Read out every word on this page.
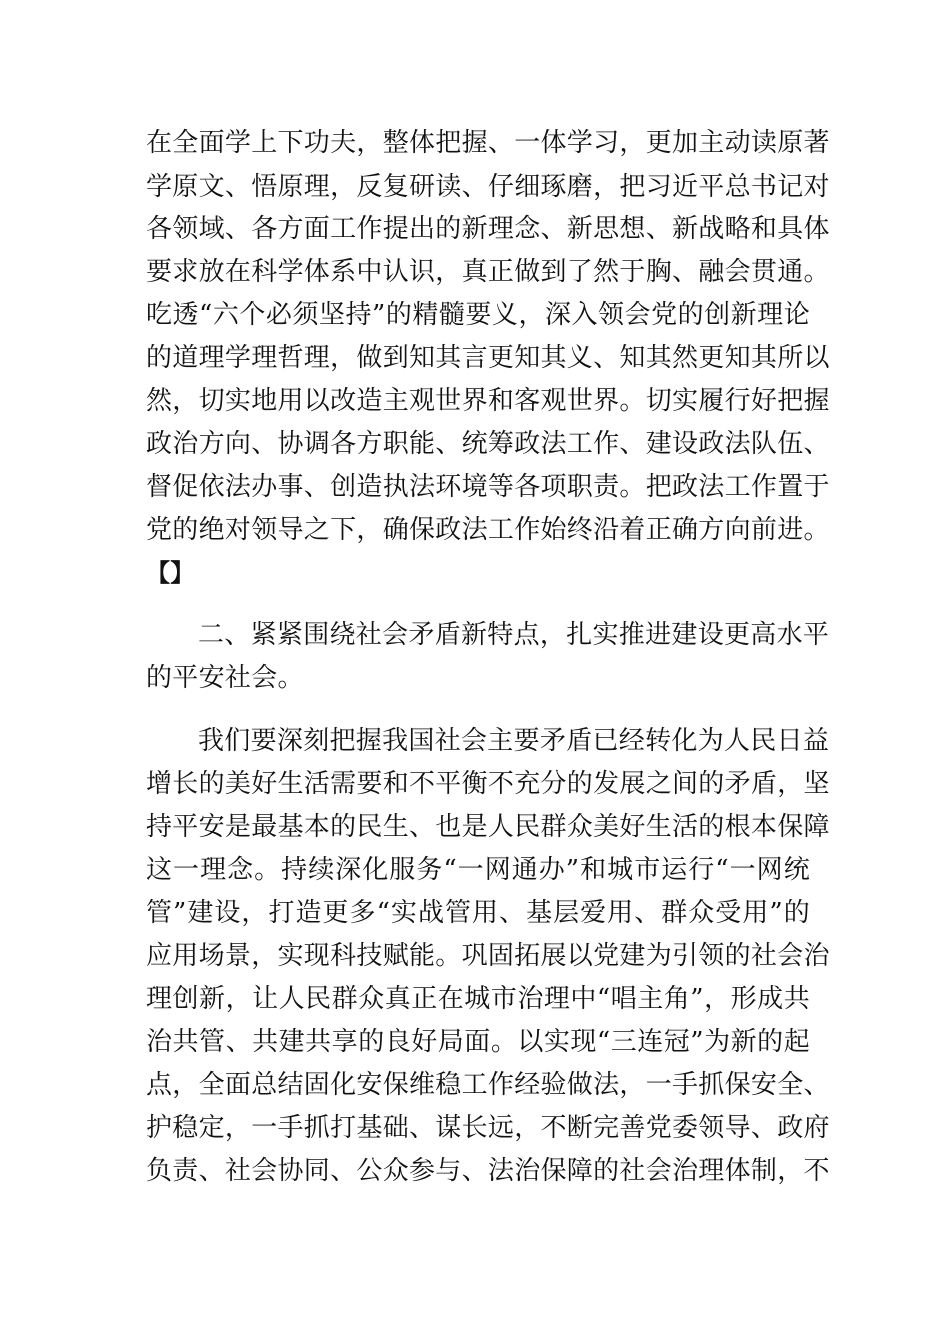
在全面学上下功夫，整体把握、一体学习，更加主动读原著
学原文、悟原理，反复研读、仔细琢磨，把习近平总书记对
各领域、各方面工作提出的新理念、新思想、新战略和具体
要求放在科学体系中认识，真正做到了然于胸、融会贯通。
吃透“六个必须坚持”的精髓要义，深入领会党的创新理论
的道理学理哲理，做到知其言更知其义、知其然更知其所以
然，切实地用以改造主观世界和客观世界。切实履行好把握
政治方向、协调各方职能、统筹政法工作、建设政法队伍、
督促依法办事、创造执法环境等各项职责。把政法工作置于
党的绝对领导之下，确保政法工作始终沿着正确方向前进。
【】
二、紧紧围绕社会矛盾新特点，扎实推进建设更高水平
的平安社会。
我们要深刻把握我国社会主要矛盾已经转化为人民日益
增长的美好生活需要和不平衡不充分的发展之间的矛盾，坚
持平安是最基本的民生、也是人民群众美好生活的根本保障
这一理念。持续深化服务“一网通办”和城市运行“一网统
管”建设，打造更多“实战管用、基层爱用、群众受用”的
应用场景，实现科技赋能。巩固拓展以党建为引领的社会治
理创新，让人民群众真正在城市治理中“唱主角”，形成共
治共管、共建共享的良好局面。以实现“三连冠”为新的起
点，全面总结固化安保维稳工作经验做法，一手抓保安全、
护稳定，一手抓打基础、谋长远，不断完善党委领导、政府
负责、社会协同、公众参与、法治保障的社会治理体制，不
